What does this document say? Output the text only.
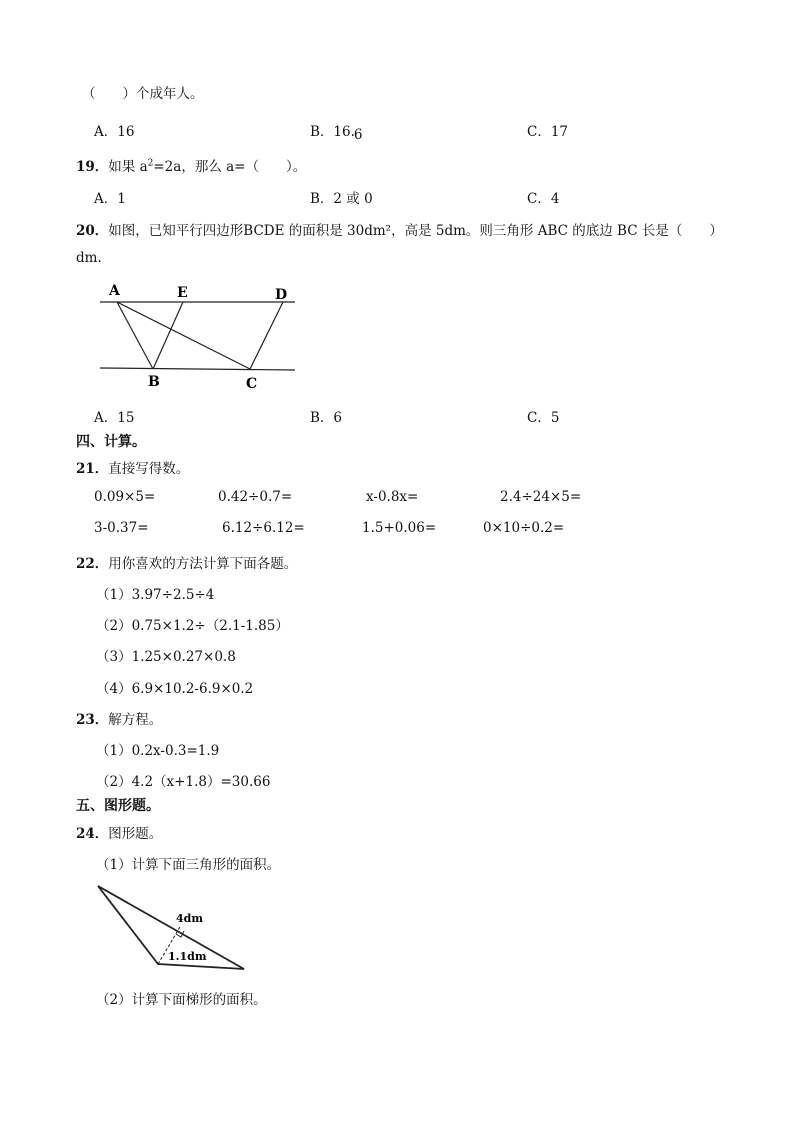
（　　）个成年人。
A．16	B．16.6	C．17
19．如果 $a^2=2a$，那么 a=（　　）。
A．1	B．2 或 0	C．4
20．如图，已知平行四边形BCDE 的面积是 30dm²，高是 5dm。则三角形 ABC 的底边 BC 长是（　　）
dm.
A	E	D
B	C
A．15	B．6	C．5
四、计算。
21．直接写得数。
0.09×5=	0.42÷0.7=	x-0.8x=	2.4÷24×5=
3-0.37=	6.12÷6.12=	1.5+0.06=	0×10÷0.2=
22．用你喜欢的方法计算下面各题。
（1）3.97÷2.5÷4
（2）0.75×1.2÷（2.1-1.85）
（3）1.25×0.27×0.8
（4）6.9×10.2-6.9×0.2
23．解方程。
（1）0.2x-0.3=1.9
（2）4.2（x+1.8）=30.66
五、图形题。
24．图形题。
（1）计算下面三角形的面积。
4dm
1.1dm
（2）计算下面梯形的面积。
